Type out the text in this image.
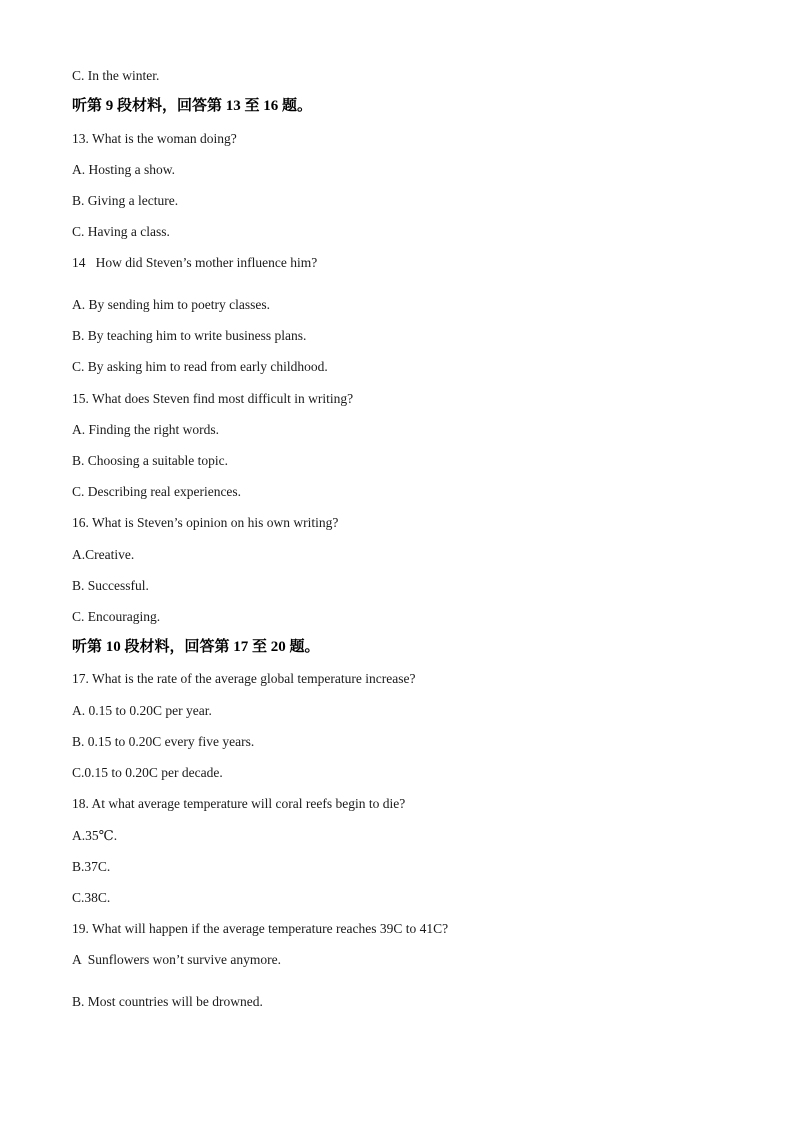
C. In the winter.
听第 9 段材料，回答第 13 至 16 题。
13. What is the woman doing?
A. Hosting a show.
B. Giving a lecture.
C. Having a class.
14   How did Steven’s mother influence him?
A. By sending him to poetry classes.
B. By teaching him to write business plans.
C. By asking him to read from early childhood.
15. What does Steven find most difficult in writing?
A. Finding the right words.
B. Choosing a suitable topic.
C. Describing real experiences.
16. What is Steven’s opinion on his own writing?
A.Creative.
B. Successful.
C. Encouraging.
听第 10 段材料，回答第 17 至 20 题。
17. What is the rate of the average global temperature increase?
A. 0.15 to 0.20C per year.
B. 0.15 to 0.20C every five years.
C.0.15 to 0.20C per decade.
18. At what average temperature will coral reefs begin to die?
A.35℃.
B.37C.
C.38C.
19. What will happen if the average temperature reaches 39C to 41C?
A  Sunflowers won’t survive anymore.
B. Most countries will be drowned.
